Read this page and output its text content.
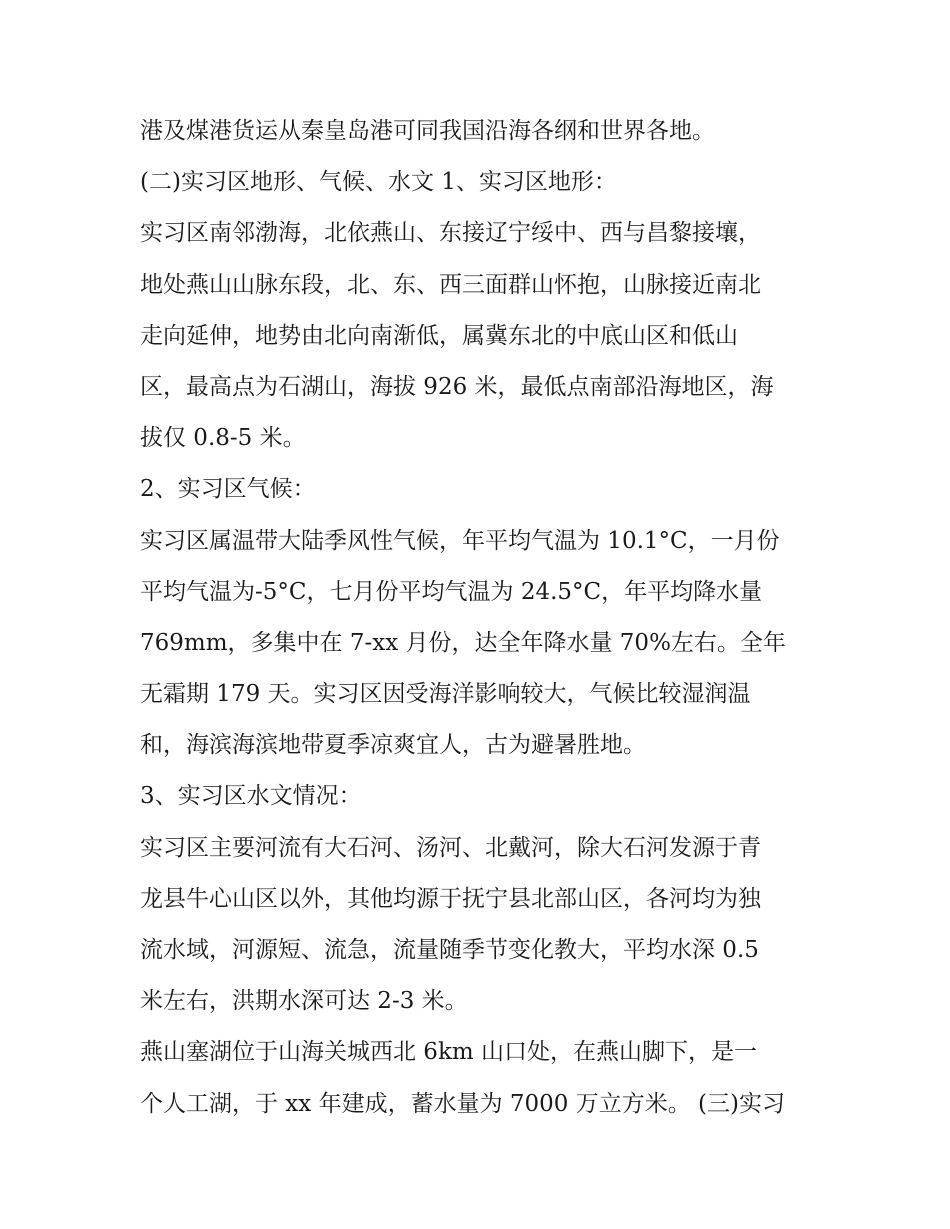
港及煤港货运从秦皇岛港可同我国沿海各纲和世界各地。
(二)实习区地形、气候、水文 1、实习区地形：
实习区南邻渤海，北依燕山、东接辽宁绥中、西与昌黎接壤，
地处燕山山脉东段，北、东、西三面群山怀抱，山脉接近南北
走向延伸，地势由北向南渐低，属冀东北的中底山区和低山
区，最高点为石湖山，海拔 926 米，最低点南部沿海地区，海
拔仅 0.8-5 米。
2、实习区气候：
实习区属温带大陆季风性气候，年平均气温为 10.1°C，一月份
平均气温为-5°C，七月份平均气温为 24.5°C，年平均降水量
769mm，多集中在 7-xx 月份，达全年降水量 70%左右。全年
无霜期 179 天。实习区因受海洋影响较大，气候比较湿润温
和，海滨海滨地带夏季凉爽宜人，古为避暑胜地。
3、实习区水文情况：
实习区主要河流有大石河、汤河、北戴河，除大石河发源于青
龙县牛心山区以外，其他均源于抚宁县北部山区，各河均为独
流水域，河源短、流急，流量随季节变化教大，平均水深 0.5
米左右，洪期水深可达 2-3 米。
燕山塞湖位于山海关城西北 6km 山口处，在燕山脚下，是一
个人工湖，于 xx 年建成，蓄水量为 7000 万立方米。 (三)实习
